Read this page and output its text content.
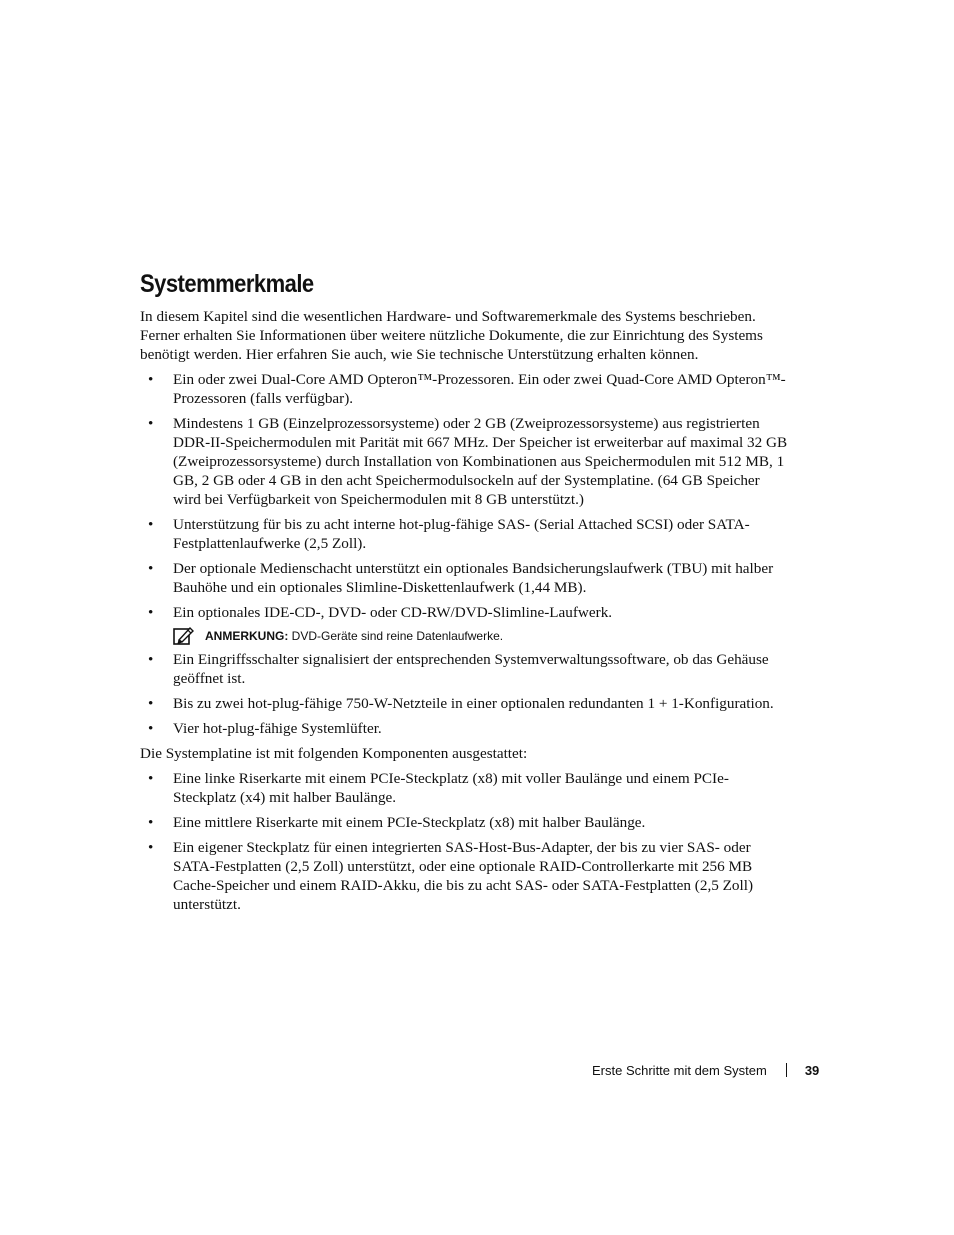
Systemmerkmale

In diesem Kapitel sind die wesentlichen Hardware- und Softwaremerkmale des Systems beschrieben. Ferner erhalten Sie Informationen über weitere nützliche Dokumente, die zur Einrichtung des Systems benötigt werden. Hier erfahren Sie auch, wie Sie technische Unterstützung erhalten können.

• Ein oder zwei Dual-Core AMD Opteron™-Prozessoren. Ein oder zwei Quad-Core AMD Opteron™-Prozessoren (falls verfügbar).
• Mindestens 1 GB (Einzelprozessorsysteme) oder 2 GB (Zweiprozessorsysteme) aus registrierten DDR-II-Speichermodulen mit Parität mit 667 MHz. Der Speicher ist erweiterbar auf maximal 32 GB (Zweiprozessorsysteme) durch Installation von Kombinationen aus Speichermodulen mit 512 MB, 1 GB, 2 GB oder 4 GB in den acht Speichermodulsockeln auf der Systemplatine. (64 GB Speicher wird bei Verfügbarkeit von Speichermodulen mit 8 GB unterstützt.)
• Unterstützung für bis zu acht interne hot-plug-fähige SAS- (Serial Attached SCSI) oder SATA-Festplattenlaufwerke (2,5 Zoll).
• Der optionale Medienschacht unterstützt ein optionales Bandsicherungslaufwerk (TBU) mit halber Bauhöhe und ein optionales Slimline-Diskettenlaufwerk (1,44 MB).
• Ein optionales IDE-CD-, DVD- oder CD-RW/DVD-Slimline-Laufwerk.
ANMERKUNG: DVD-Geräte sind reine Datenlaufwerke.
• Ein Eingriffsschalter signalisiert der entsprechenden Systemverwaltungssoftware, ob das Gehäuse geöffnet ist.
• Bis zu zwei hot-plug-fähige 750-W-Netzteile in einer optionalen redundanten 1 + 1-Konfiguration.
• Vier hot-plug-fähige Systemlüfter.

Die Systemplatine ist mit folgenden Komponenten ausgestattet:

• Eine linke Riserkarte mit einem PCIe-Steckplatz (x8) mit voller Baulänge und einem PCIe-Steckplatz (x4) mit halber Baulänge.
• Eine mittlere Riserkarte mit einem PCIe-Steckplatz (x8) mit halber Baulänge.
• Ein eigener Steckplatz für einen integrierten SAS-Host-Bus-Adapter, der bis zu vier SAS- oder SATA-Festplatten (2,5 Zoll) unterstützt, oder eine optionale RAID-Controllerkarte mit 256 MB Cache-Speicher und einem RAID-Akku, die bis zu acht SAS- oder SATA-Festplatten (2,5 Zoll) unterstützt.
Erste Schritte mit dem System	39
